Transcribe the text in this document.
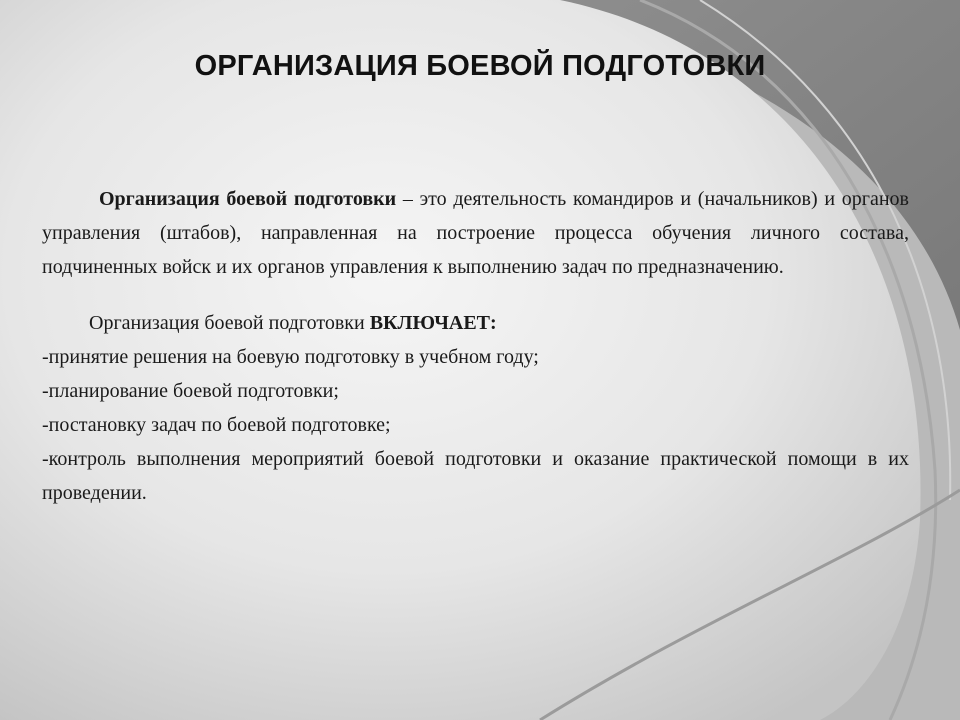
ОРГАНИЗАЦИЯ БОЕВОЙ ПОДГОТОВКИ

Организация боевой подготовки – это деятельность командиров и (начальников) и органов управления (штабов), направленная на построение процесса обучения личного состава, подчиненных войск и их органов управления к выполнению задач по предназначению.

Организация боевой подготовки ВКЛЮЧАЕТ:

-принятие решения на боевую подготовку в учебном году;
-планирование боевой подготовки;
-постановку задач по боевой подготовке;
-контроль выполнения мероприятий боевой подготовки и оказание практической помощи в их проведении.
